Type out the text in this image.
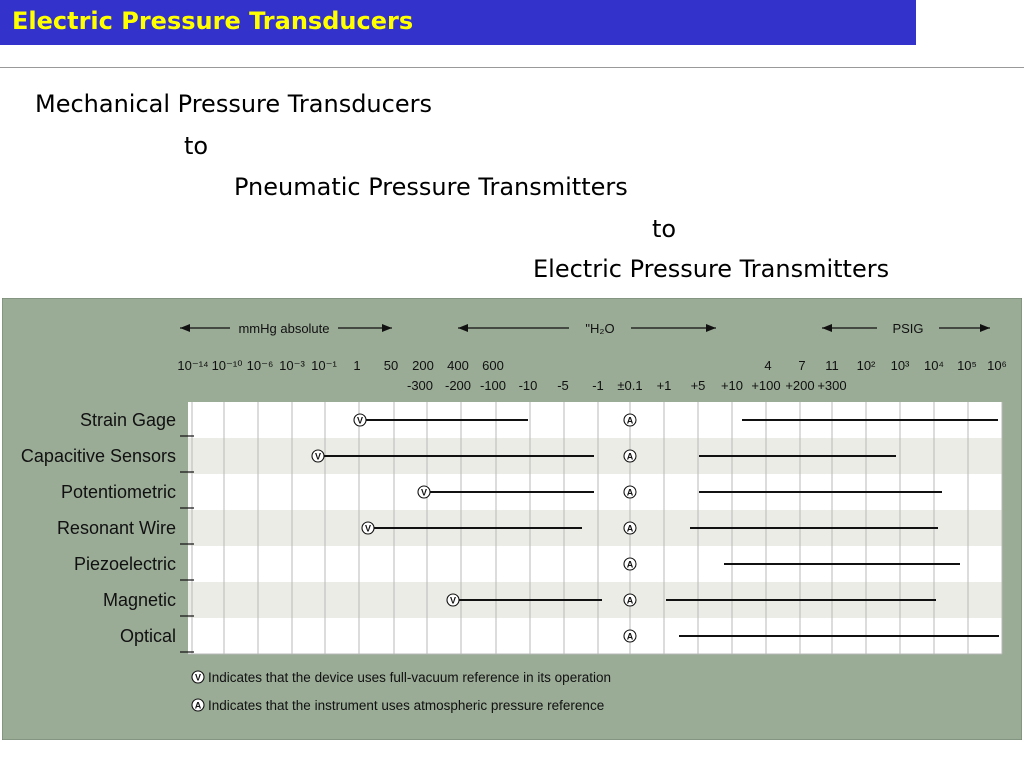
Electric Pressure Transducers
Mechanical Pressure Transducers
to
Pneumatic Pressure Transmitters
to
Electric Pressure Transmitters
mmHg absolute	"H₂O	PSIG
10⁻¹⁴ 10⁻¹⁰ 10⁻⁶ 10⁻³ 10⁻¹ 1 50 200 400 600	4 7 11 10² 10³ 10⁴ 10⁵ 10⁶
-300 -200 -100 -10 -5 -1 ±0.1 +1 +5 +10 +100 +200 +300
Strain Gage
Capacitive Sensors
Potentiometric
Resonant Wire
Piezoelectric
Magnetic
Optical
V	A
V	A
V	A
V	A
A
V	A
A
V Indicates that the device uses full-vacuum reference in its operation
A Indicates that the instrument uses atmospheric pressure reference
